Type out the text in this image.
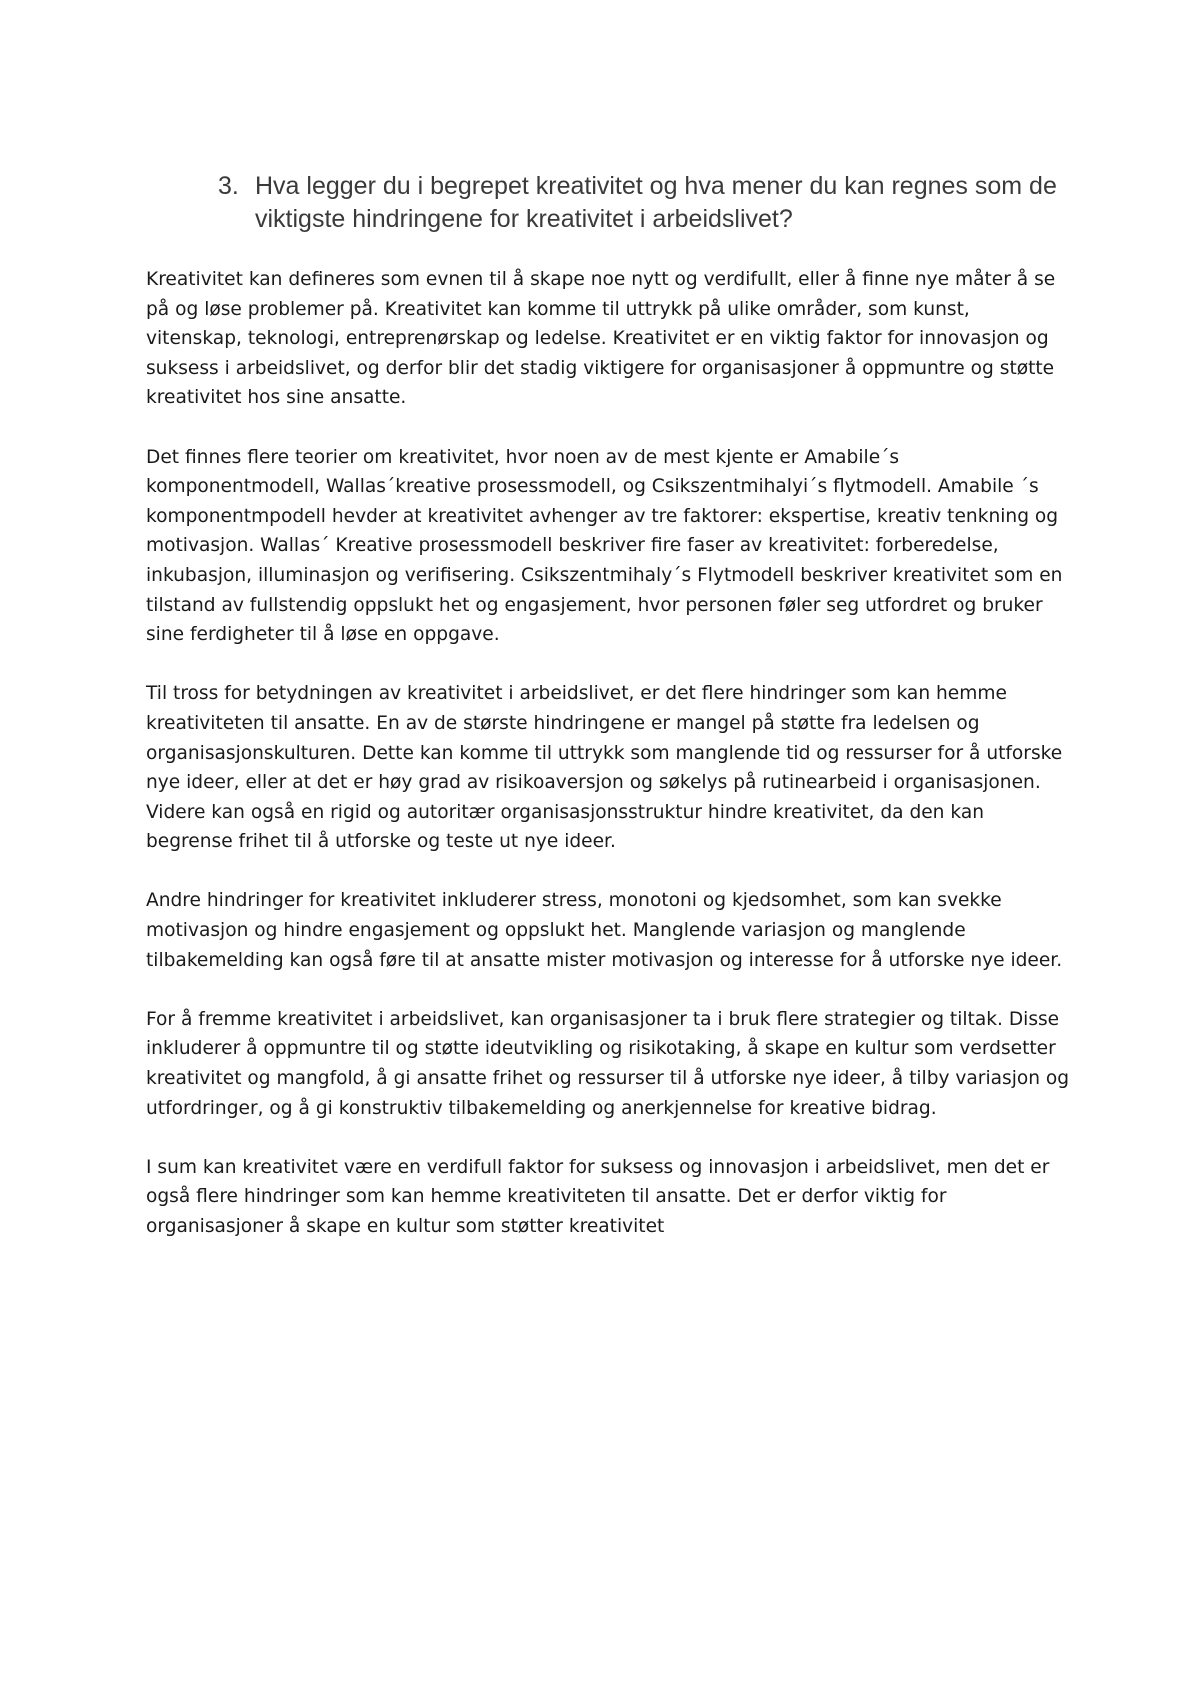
3. Hva legger du i begrepet kreativitet og hva mener du kan regnes som de viktigste hindringene for kreativitet i arbeidslivet?

Kreativitet kan defineres som evnen til å skape noe nytt og verdifullt, eller å finne nye måter å se på og løse problemer på. Kreativitet kan komme til uttrykk på ulike områder, som kunst, vitenskap, teknologi, entreprenørskap og ledelse. Kreativitet er en viktig faktor for innovasjon og suksess i arbeidslivet, og derfor blir det stadig viktigere for organisasjoner å oppmuntre og støtte kreativitet hos sine ansatte.

Det finnes flere teorier om kreativitet, hvor noen av de mest kjente er Amabile´s komponentmodell, Wallas´kreative prosessmodell, og Csikszentmihalyi´s flytmodell. Amabile ´s komponentmpodell hevder at kreativitet avhenger av tre faktorer: ekspertise, kreativ tenkning og motivasjon. Wallas´ Kreative prosessmodell beskriver fire faser av kreativitet: forberedelse, inkubasjon, illuminasjon og verifisering. Csikszentmihaly´s Flytmodell beskriver kreativitet som en tilstand av fullstendig oppslukt het og engasjement, hvor personen føler seg utfordret og bruker sine ferdigheter til å løse en oppgave.

Til tross for betydningen av kreativitet i arbeidslivet, er det flere hindringer som kan hemme kreativiteten til ansatte. En av de største hindringene er mangel på støtte fra ledelsen og organisasjonskulturen. Dette kan komme til uttrykk som manglende tid og ressurser for å utforske nye ideer, eller at det er høy grad av risikoaversjon og søkelys på rutinearbeid i organisasjonen. Videre kan også en rigid og autoritær organisasjonsstruktur hindre kreativitet, da den kan begrense frihet til å utforske og teste ut nye ideer.

Andre hindringer for kreativitet inkluderer stress, monotoni og kjedsomhet, som kan svekke motivasjon og hindre engasjement og oppslukt het. Manglende variasjon og manglende tilbakemelding kan også føre til at ansatte mister motivasjon og interesse for å utforske nye ideer.

For å fremme kreativitet i arbeidslivet, kan organisasjoner ta i bruk flere strategier og tiltak. Disse inkluderer å oppmuntre til og støtte ideutvikling og risikotaking, å skape en kultur som verdsetter kreativitet og mangfold, å gi ansatte frihet og ressurser til å utforske nye ideer, å tilby variasjon og utfordringer, og å gi konstruktiv tilbakemelding og anerkjennelse for kreative bidrag.

I sum kan kreativitet være en verdifull faktor for suksess og innovasjon i arbeidslivet, men det er også flere hindringer som kan hemme kreativiteten til ansatte. Det er derfor viktig for organisasjoner å skape en kultur som støtter kreativitet
